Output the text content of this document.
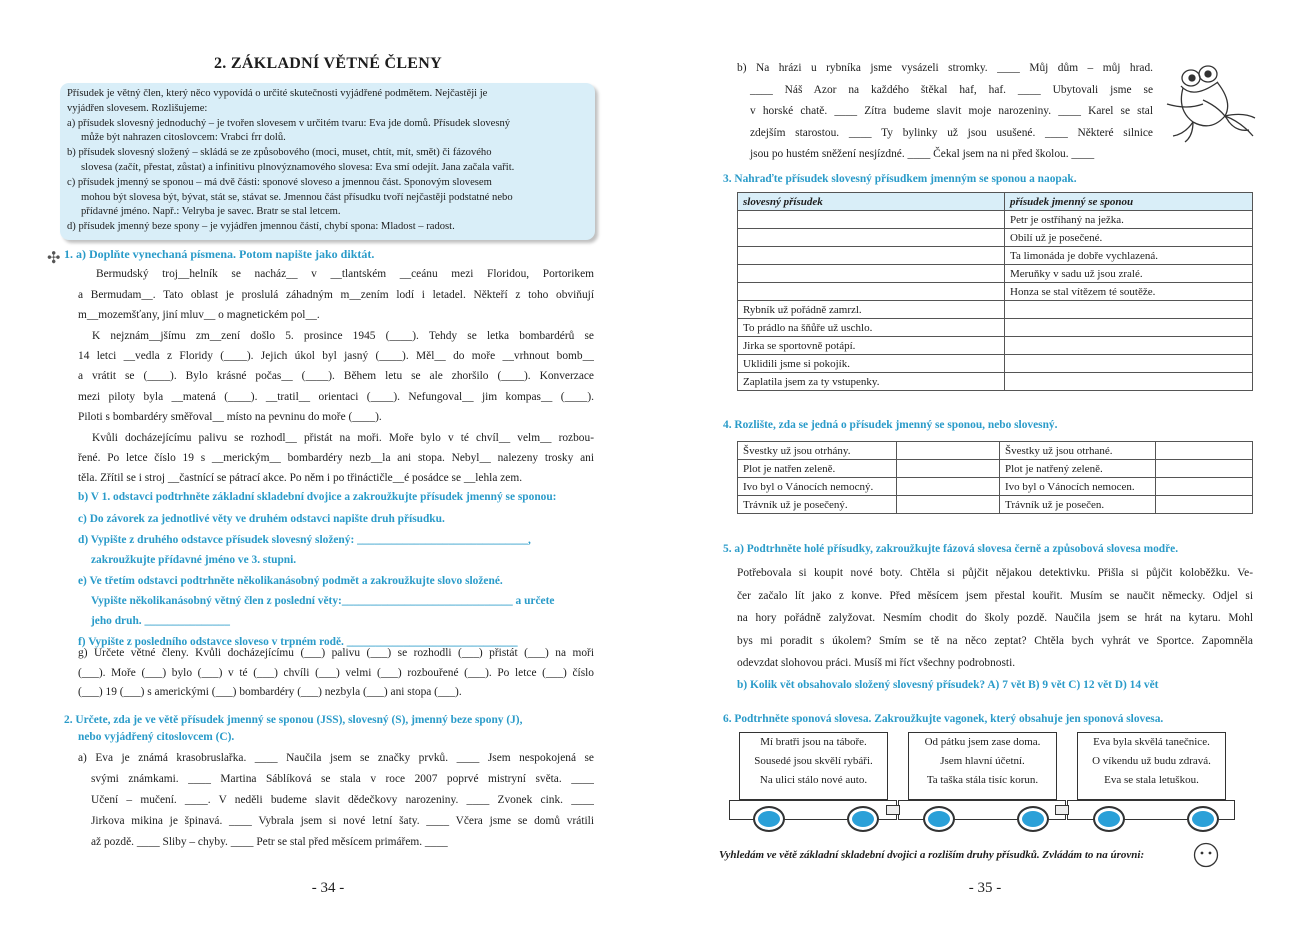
2. ZÁKLADNÍ VĚTNÉ ČLENY
Přísudek je větný člen, který něco vypovídá o určité skutečnosti vyjádřené podmětem. Nejčastěji je
vyjádřen slovesem. Rozlišujeme:
a) přísudek slovesný jednoduchý – je tvořen slovesem v určitém tvaru: Eva jde domů. Přísudek slovesný
může být nahrazen citoslovcem: Vrabci frr dolů.
b) přísudek slovesný složený – skládá se ze způsobového (moci, muset, chtít, mít, smět) či fázového
slovesa (začít, přestat, zůstat) a infinitivu plnovýznamového slovesa: Eva smí odejít. Jana začala vařit.
c) přísudek jmenný se sponou – má dvě části: sponové sloveso a jmennou část. Sponovým slovesem
mohou být slovesa být, bývat, stát se, stávat se. Jmennou část přísudku tvoří nejčastěji podstatné nebo
přídavné jméno. Např.: Velryba je savec. Bratr se stal letcem.
d) přísudek jmenný beze spony – je vyjádřen jmennou částí, chybí spona: Mladost – radost.
✣ 1. a) Doplňte vynechaná písmena. Potom napište jako diktát.
Bermudský troj__helník se nacház__ v __tlantském __ceánu mezi Floridou, Portorikem
a Bermudam__. Tato oblast je proslulá záhadným m__zením lodí i letadel. Někteří z toho obviňují
m__mozemšťany, jiní mluv__ o magnetickém pol__.
K nejznám__jšímu zm__zení došlo 5. prosince 1945 (____). Tehdy se letka bombardérů se
14 letci __vedla z Floridy (____). Jejich úkol byl jasný (____). Měl__ do moře __vrhnout bomb__
a vrátit se (____). Bylo krásné počas__ (____). Během letu se ale zhoršilo (____). Konverzace
mezi piloty byla __matená (____). __tratil__ orientaci (____). Nefungoval__ jim kompas__ (____).
Piloti s bombardéry směřoval__ místo na pevninu do moře (____).
Kvůli docházejícímu palivu se rozhodl__ přistát na moři. Moře bylo v té chvíl__ velm__ rozbou-
řené. Po letce číslo 19 s __merickým__ bombardéry nezb__la ani stopa. Nebyl__ nalezeny trosky ani
těla. Zřítil se i stroj __častnící se pátrací akce. Po něm i po třináctičle__é posádce se __lehla zem.
b) V 1. odstavci podtrhněte základní skladební dvojice a zakroužkujte přísudek jmenný se sponou:
c) Do závorek za jednotlivé věty ve druhém odstavci napište druh přísudku.
d) Vypište z druhého odstavce přísudek slovesný složený: ______________________________,
zakroužkujte přídavné jméno ve 3. stupni.
e) Ve třetím odstavci podtrhněte několikanásobný podmět a zakroužkujte slovo složené.
Vypište několikanásobný větný člen z poslední věty:______________________________ a určete
jeho druh. _______________
f) Vypište z posledního odstavce sloveso v trpném rodě. ______________________________
g) Určete větné členy. Kvůli docházejícímu (___) palivu (___) se rozhodli (___) přistát (___) na moři
(___). Moře (___) bylo (___) v té (___) chvíli (___) velmi (___) rozbouřené (___). Po letce (___) číslo
(___) 19 (___) s americkými (___) bombardéry (___) nezbyla (___) ani stopa (___).
2. Určete, zda je ve větě přísudek jmenný se sponou (JSS), slovesný (S), jmenný beze spony (J),
nebo vyjádřený citoslovcem (C).
a) Eva je známá krasobruslařka. ____ Naučila jsem se značky prvků. ____ Jsem nespokojená se
svými známkami. ____ Martina Sáblíková se stala v roce 2007 poprvé mistryní světa. ____
Učení – mučení. ____. V neděli budeme slavit dědečkovy narozeniny. ____ Zvonek cink. ____
Jirkova mikina je špinavá. ____ Vybrala jsem si nové letní šaty. ____ Včera jsme se domů vrátili
až pozdě. ____ Sliby – chyby. ____ Petr se stal před měsícem primářem. ____
- 34 -
b) Na hrázi u rybníka jsme vysázeli stromky. ____ Můj dům – můj hrad.
____ Náš Azor na každého štěkal haf, haf. ____ Ubytovali jsme se
v horské chatě. ____ Zítra budeme slavit moje narozeniny. ____ Karel se stal
zdejším starostou. ____ Ty bylinky už jsou usušené. ____ Některé silnice
jsou po hustém sněžení nesjízdné. ____ Čekal jsem na ni před školou. ____
3. Nahraďte přísudek slovesný přísudkem jmenným se sponou a naopak.
slovesný přísudek	přísudek jmenný se sponou
	Petr je ostříhaný na ježka.
	Obilí už je posečené.
	Ta limonáda je dobře vychlazená.
	Meruňky v sadu už jsou zralé.
	Honza se stal vítězem té soutěže.
Rybník už pořádně zamrzl.	
To prádlo na šňůře už uschlo.	
Jirka se sportovně potápí.	
Uklidili jsme si pokojík.	
Zaplatila jsem za ty vstupenky.	
4. Rozlište, zda se jedná o přísudek jmenný se sponou, nebo slovesný.
Švestky už jsou otrhány.		Švestky už jsou otrhané.	
Plot je natřen zeleně.		Plot je natřený zeleně.	
Ivo byl o Vánocích nemocný.		Ivo byl o Vánocích nemocen.	
Trávník už je posečený.		Trávník už je posečen.	
5. a) Podtrhněte holé přísudky, zakroužkujte fázová slovesa černě a způsobová slovesa modře.
Potřebovala si koupit nové boty. Chtěla si půjčit nějakou detektivku. Přišla si půjčit koloběžku. Ve-
čer začalo lít jako z konve. Před měsícem jsem přestal kouřit. Musím se naučit německy. Odjel si
na hory pořádně zalyžovat. Nesmím chodit do školy pozdě. Naučila jsem se hrát na kytaru. Mohl
bys mi poradit s úkolem? Smím se tě na něco zeptat? Chtěla bych vyhrát ve Sportce. Zapomněla
odevzdat slohovou práci. Musíš mi říct všechny podrobnosti.
b) Kolik vět obsahovalo složený slovesný přísudek? A) 7 vět B) 9 vět C) 12 vět D) 14 vět
6. Podtrhněte sponová slovesa. Zakroužkujte vagonek, který obsahuje jen sponová slovesa.
Mí bratři jsou na táboře.
Sousedé jsou skvělí rybáři.
Na ulici stálo nové auto.
Od pátku jsem zase doma.
Jsem hlavní účetní.
Ta taška stála tisíc korun.
Eva byla skvělá tanečnice.
O víkendu už budu zdravá.
Eva se stala letuškou.
Vyhledám ve větě základní skladební dvojici a rozliším druhy přísudků. Zvládám to na úrovni:
- 35 -
